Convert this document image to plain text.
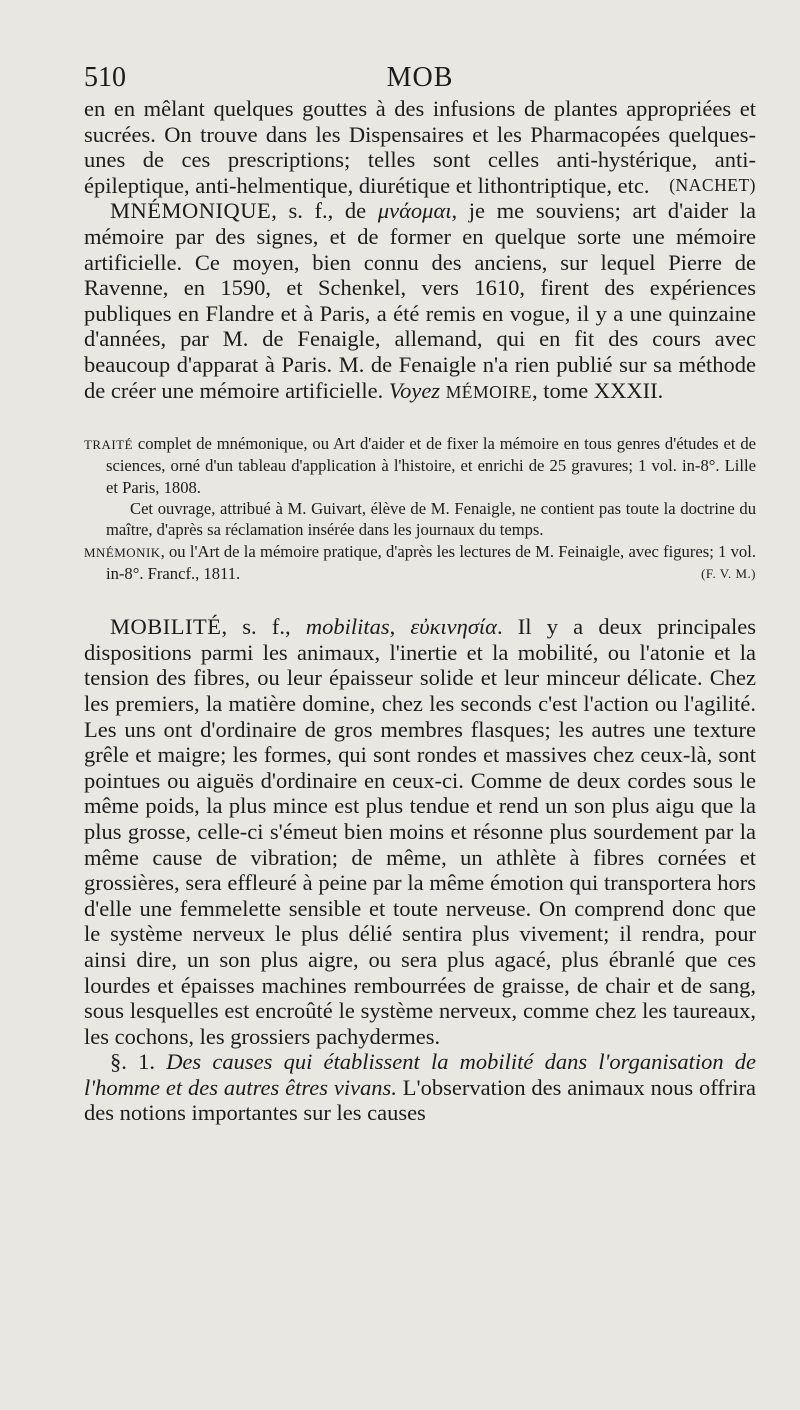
510	MOB

en en mêlant quelques gouttes à des infusions de plantes appropriées et sucrées. On trouve dans les Dispensaires et les Pharmacopées quelques-unes de ces prescriptions; telles sont celles anti-hystérique, anti-épileptique, anti-helmentique, diurétique et lithontriptique, etc. (NACHET)

MNÉMONIQUE, s. f., de μνάομαι, je me souviens; art d'aider la mémoire par des signes, et de former en quelque sorte une mémoire artificielle. Ce moyen, bien connu des anciens, sur lequel Pierre de Ravenne, en 1590, et Schenkel, vers 1610, firent des expériences publiques en Flandre et à Paris, a été remis en vogue, il y a une quinzaine d'années, par M. de Fenaigle, allemand, qui en fit des cours avec beaucoup d'apparat à Paris. M. de Fenaigle n'a rien publié sur sa méthode de créer une mémoire artificielle. Voyez MÉMOIRE, tome XXXII.

TRAITÉ complet de mnémonique, ou Art d'aider et de fixer la mémoire en tous genres d'études et de sciences, orné d'un tableau d'application à l'histoire, et enrichi de 25 gravures; 1 vol. in-8°. Lille et Paris, 1808.

Cet ouvrage, attribué à M. Guivart, élève de M. Fenaigle, ne contient pas toute la doctrine du maître, d'après sa réclamation insérée dans les journaux du temps.

MNÉMONIK, ou l'Art de la mémoire pratique, d'après les lectures de M. Feinaigle, avec figures; 1 vol. in-8°. Francf., 1811.	(F. V. M.)

MOBILITÉ, s. f., mobilitas, εὐκινησία. Il y a deux principales dispositions parmi les animaux, l'inertie et la mobilité, ou l'atonie et la tension des fibres, ou leur épaisseur solide et leur minceur délicate. Chez les premiers, la matière domine, chez les seconds c'est l'action ou l'agilité. Les uns ont d'ordinaire de gros membres flasques; les autres une texture grêle et maigre; les formes, qui sont rondes et massives chez ceux-là, sont pointues ou aiguës d'ordinaire en ceux-ci. Comme de deux cordes sous le même poids, la plus mince est plus tendue et rend un son plus aigu que la plus grosse, celle-ci s'émeut bien moins et résonne plus sourdement par la même cause de vibration; de même, un athlète à fibres cornées et grossières, sera effleuré à peine par la même émotion qui transportera hors d'elle une femmelette sensible et toute nerveuse. On comprend donc que le système nerveux le plus délié sentira plus vivement; il rendra, pour ainsi dire, un son plus aigre, ou sera plus agacé, plus ébranlé que ces lourdes et épaisses machines rembourrées de graisse, de chair et de sang, sous lesquelles est encroûté le système nerveux, comme chez les taureaux, les cochons, les grossiers pachydermes.

§. 1. Des causes qui établissent la mobilité dans l'organisation de l'homme et des autres êtres vivans. L'observation des animaux nous offrira des notions importantes sur les causes
